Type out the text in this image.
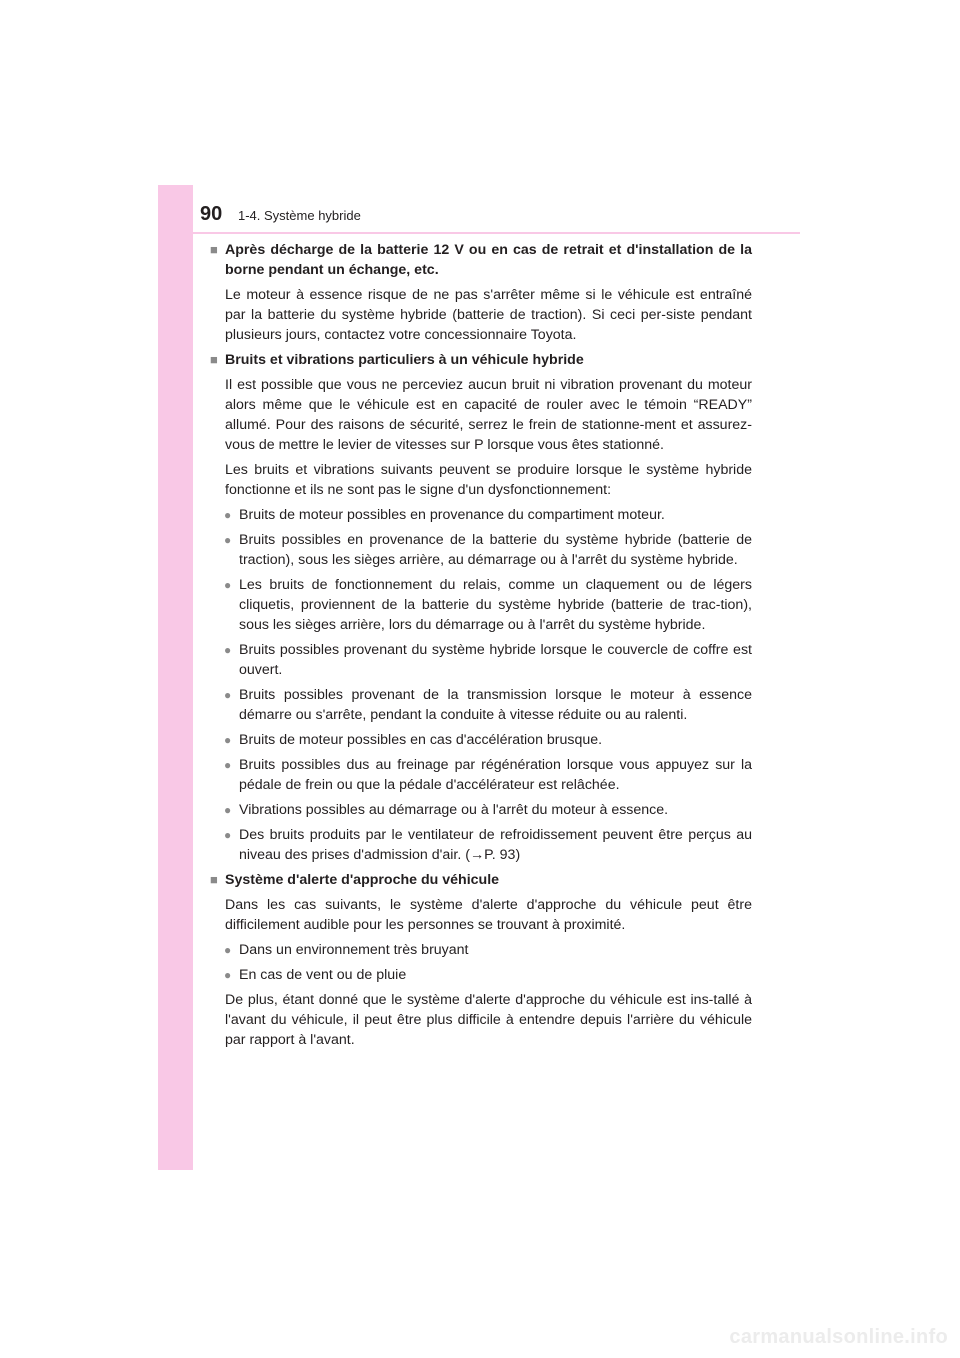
90 1-4. Système hybride
■ Après décharge de la batterie 12 V ou en cas de retrait et d'installation de la borne pendant un échange, etc.
Le moteur à essence risque de ne pas s'arrêter même si le véhicule est entraîné par la batterie du système hybride (batterie de traction). Si ceci per-siste pendant plusieurs jours, contactez votre concessionnaire Toyota.
■ Bruits et vibrations particuliers à un véhicule hybride
Il est possible que vous ne perceviez aucun bruit ni vibration provenant du moteur alors même que le véhicule est en capacité de rouler avec le témoin “READY” allumé. Pour des raisons de sécurité, serrez le frein de stationne-ment et assurez-vous de mettre le levier de vitesses sur P lorsque vous êtes stationné.
Les bruits et vibrations suivants peuvent se produire lorsque le système hybride fonctionne et ils ne sont pas le signe d'un dysfonctionnement:
● Bruits de moteur possibles en provenance du compartiment moteur.
● Bruits possibles en provenance de la batterie du système hybride (batterie de traction), sous les sièges arrière, au démarrage ou à l'arrêt du système hybride.
● Les bruits de fonctionnement du relais, comme un claquement ou de légers cliquetis, proviennent de la batterie du système hybride (batterie de trac-tion), sous les sièges arrière, lors du démarrage ou à l'arrêt du système hybride.
● Bruits possibles provenant du système hybride lorsque le couvercle de coffre est ouvert.
● Bruits possibles provenant de la transmission lorsque le moteur à essence démarre ou s'arrête, pendant la conduite à vitesse réduite ou au ralenti.
● Bruits de moteur possibles en cas d'accélération brusque.
● Bruits possibles dus au freinage par régénération lorsque vous appuyez sur la pédale de frein ou que la pédale d'accélérateur est relâchée.
● Vibrations possibles au démarrage ou à l'arrêt du moteur à essence.
● Des bruits produits par le ventilateur de refroidissement peuvent être perçus au niveau des prises d'admission d'air. (→P. 93)
■ Système d'alerte d'approche du véhicule
Dans les cas suivants, le système d'alerte d'approche du véhicule peut être difficilement audible pour les personnes se trouvant à proximité.
● Dans un environnement très bruyant
● En cas de vent ou de pluie
De plus, étant donné que le système d'alerte d'approche du véhicule est ins-tallé à l'avant du véhicule, il peut être plus difficile à entendre depuis l'arrière du véhicule par rapport à l'avant.
carmanualsonline.info
